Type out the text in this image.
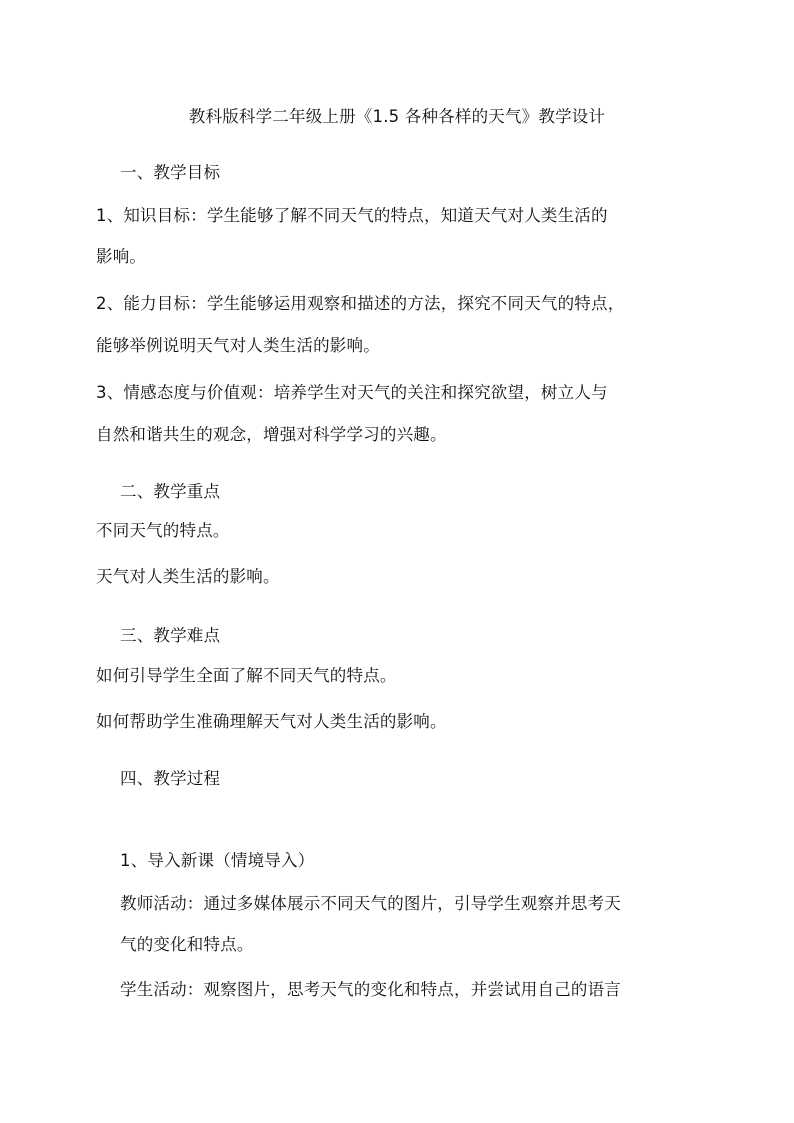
教科版科学二年级上册《1.5 各种各样的天气》教学设计
一、教学目标
1、知识目标：学生能够了解不同天气的特点，知道天气对人类生活的
影响。
2、能力目标：学生能够运用观察和描述的方法，探究不同天气的特点，
能够举例说明天气对人类生活的影响。
3、情感态度与价值观：培养学生对天气的关注和探究欲望，树立人与
自然和谐共生的观念，增强对科学学习的兴趣。
二、教学重点
不同天气的特点。
天气对人类生活的影响。
三、教学难点
如何引导学生全面了解不同天气的特点。
如何帮助学生准确理解天气对人类生活的影响。
四、教学过程
1、导入新课（情境导入）
教师活动：通过多媒体展示不同天气的图片，引导学生观察并思考天
气的变化和特点。
学生活动：观察图片，思考天气的变化和特点，并尝试用自己的语言
